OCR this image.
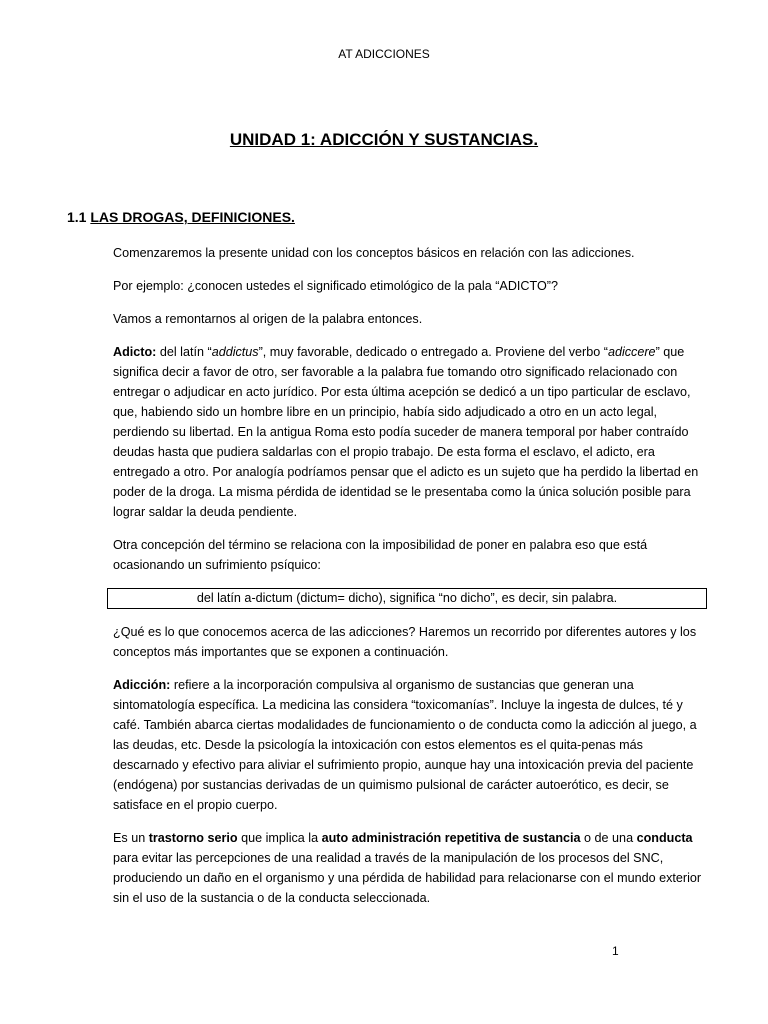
AT ADICCIONES
UNIDAD 1: ADICCIÓN Y SUSTANCIAS.
1.1 LAS DROGAS, DEFINICIONES.

Comenzaremos la presente unidad con los conceptos básicos en relación con las adicciones.

Por ejemplo: ¿conocen ustedes el significado etimológico de la pala “ADICTO”?

Vamos a remontarnos al origen de la palabra entonces.

Adicto: del latín “addictus”, muy favorable, dedicado o entregado a. Proviene del verbo “adiccere” que significa decir a favor de otro, ser favorable a la palabra fue tomando otro significado relacionado con entregar o adjudicar en acto jurídico. Por esta última acepción se dedicó a un tipo particular de esclavo, que, habiendo sido un hombre libre en un principio, había sido adjudicado a otro en un acto legal, perdiendo su libertad. En la antigua Roma esto podía suceder de manera temporal por haber contraído deudas hasta que pudiera saldarlas con el propio trabajo. De esta forma el esclavo, el adicto, era entregado a otro. Por analogía podríamos pensar que el adicto es un sujeto que ha perdido la libertad en poder de la droga. La misma pérdida de identidad se le presentaba como la única solución posible para lograr saldar la deuda pendiente.

Otra concepción del término se relaciona con la imposibilidad de poner en palabra eso que está ocasionando un sufrimiento psíquico:

del latín a-dictum (dictum= dicho), significa “no dicho”, es decir, sin palabra.

¿Qué es lo que conocemos acerca de las adicciones? Haremos un recorrido por diferentes autores y los conceptos más importantes que se exponen a continuación.

Adicción: refiere a la incorporación compulsiva al organismo de sustancias que generan una sintomatología específica. La medicina las considera “toxicomanías”. Incluye la ingesta de dulces, té y café. También abarca ciertas modalidades de funcionamiento o de conducta como la adicción al juego, a las deudas, etc. Desde la psicología la intoxicación con estos elementos es el quita-penas más descarnado y efectivo para aliviar el sufrimiento propio, aunque hay una intoxicación previa del paciente (endógena) por sustancias derivadas de un quimismo pulsional de carácter autoerótico, es decir, se satisface en el propio cuerpo.

Es un trastorno serio que implica la auto administración repetitiva de sustancia o de una conducta para evitar las percepciones de una realidad a través de la manipulación de los procesos del SNC, produciendo un daño en el organismo y una pérdida de habilidad para relacionarse con el mundo exterior sin el uso de la sustancia o de la conducta seleccionada.

1
